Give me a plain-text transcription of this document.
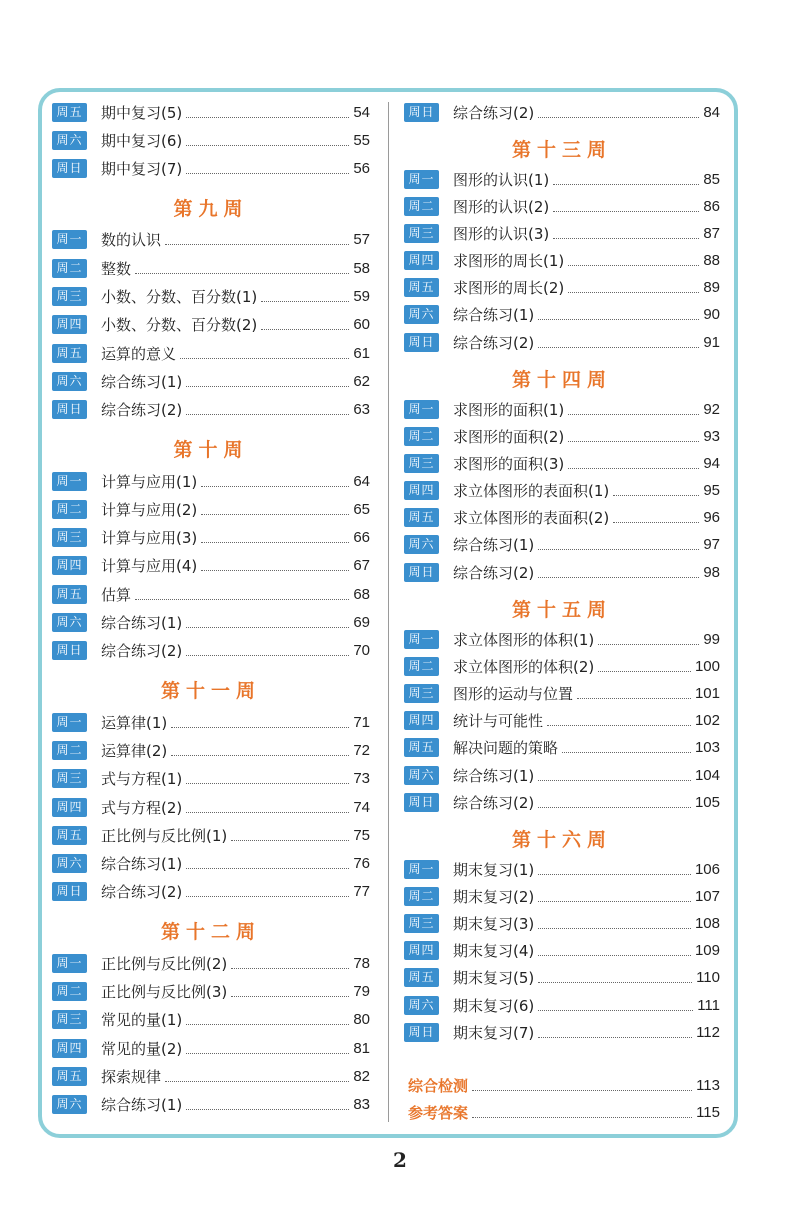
周五	期中复习(5)	54
周六	期中复习(6)	55
周日	期中复习(7)	56
第九周
周一	数的认识	57
周二	整数	58
周三	小数、分数、百分数(1)	59
周四	小数、分数、百分数(2)	60
周五	运算的意义	61
周六	综合练习(1)	62
周日	综合练习(2)	63
第十周
周一	计算与应用(1)	64
周二	计算与应用(2)	65
周三	计算与应用(3)	66
周四	计算与应用(4)	67
周五	估算	68
周六	综合练习(1)	69
周日	综合练习(2)	70
第十一周
周一	运算律(1)	71
周二	运算律(2)	72
周三	式与方程(1)	73
周四	式与方程(2)	74
周五	正比例与反比例(1)	75
周六	综合练习(1)	76
周日	综合练习(2)	77
第十二周
周一	正比例与反比例(2)	78
周二	正比例与反比例(3)	79
周三	常见的量(1)	80
周四	常见的量(2)	81
周五	探索规律	82
周六	综合练习(1)	83
周日	综合练习(2)	84
第十三周
周一	图形的认识(1)	85
周二	图形的认识(2)	86
周三	图形的认识(3)	87
周四	求图形的周长(1)	88
周五	求图形的周长(2)	89
周六	综合练习(1)	90
周日	综合练习(2)	91
第十四周
周一	求图形的面积(1)	92
周二	求图形的面积(2)	93
周三	求图形的面积(3)	94
周四	求立体图形的表面积(1)	95
周五	求立体图形的表面积(2)	96
周六	综合练习(1)	97
周日	综合练习(2)	98
第十五周
周一	求立体图形的体积(1)	99
周二	求立体图形的体积(2)	100
周三	图形的运动与位置	101
周四	统计与可能性	102
周五	解决问题的策略	103
周六	综合练习(1)	104
周日	综合练习(2)	105
第十六周
周一	期末复习(1)	106
周二	期末复习(2)	107
周三	期末复习(3)	108
周四	期末复习(4)	109
周五	期末复习(5)	110
周六	期末复习(6)	111
周日	期末复习(7)	112
综合检测	113
参考答案	115
2
